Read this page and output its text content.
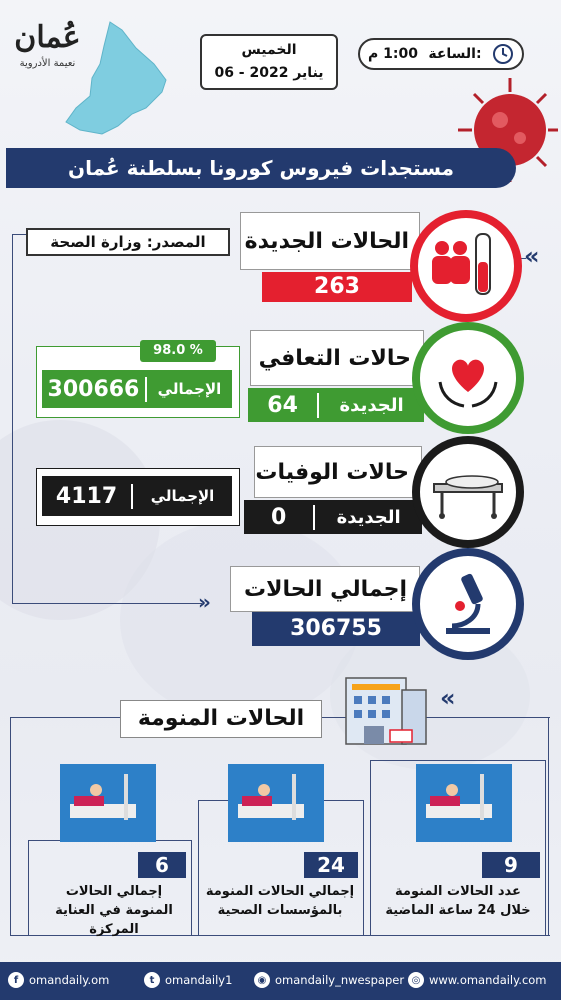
عُمان
نعيمة الأدروية
الخميس
06 - يناير 2022
1:00 م الساعة:
مستجدات فيروس كورونا بسلطنة عُمان
»
المصدر: وزارة الصحة	«
الحالات الجديدة
263
98.0 %
300666	الإجمالي
حالات التعافي
64	الجديدة
4117	الإجمالي
حالات الوفيات
0	الجديدة
إجمالي الحالات
306755
«
الحالات المنومة
9
عدد الحالات المنومة خلال 24 ساعة الماضية
24
إجمالي الحالات المنومة بالمؤسسات الصحية
6
إجمالي الحالات المنومة في العناية المركزة
◎ www.omandaily.com
◉ omandaily_nwespaper
t omandaily1
f omandaily.om
